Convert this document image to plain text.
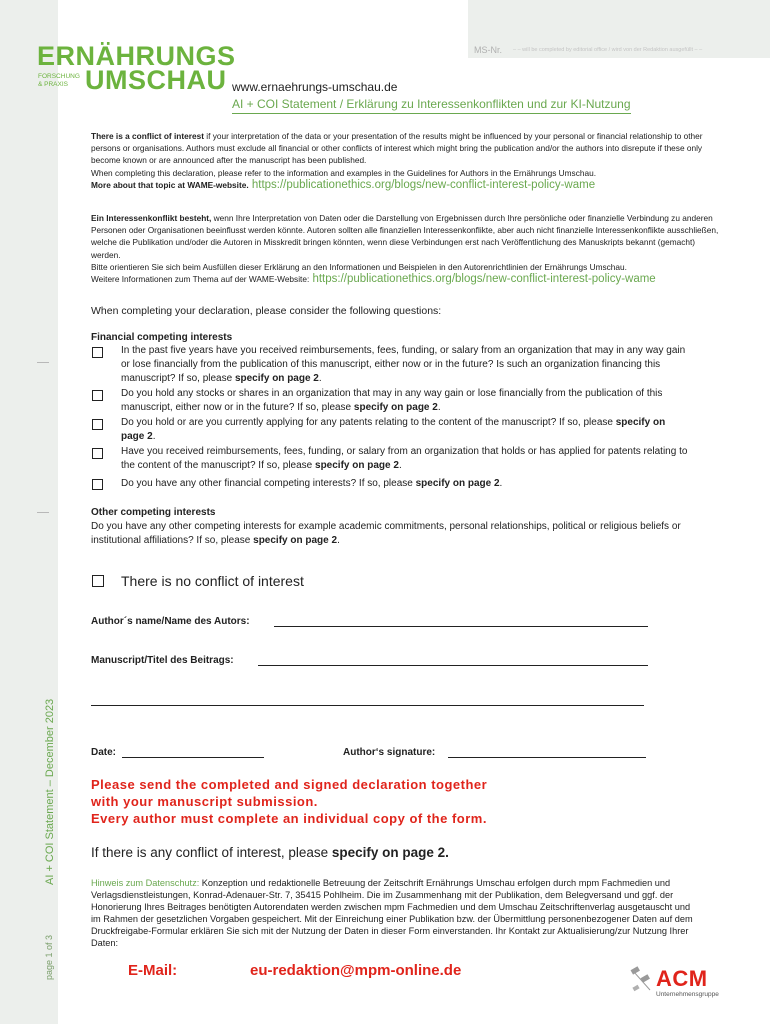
MS-Nr. – – will be completed by editorial office / wird von der Redaktion ausgefüllt – –
AI + COI Statement – December 2023
page 1 of 3
ERNÄHRUNGS
FORSCHUNG
& PRAXIS UMSCHAU www.ernaehrungs-umschau.de
AI + COI Statement / Erklärung zu Interessenkonflikten und zur KI-Nutzung
There is a conflict of interest if your interpretation of the data or your presentation of the results might be influenced by your personal or financial relationship to other persons or organisations. Authors must exclude all financial or other conflicts of interest which might bring the publication and/or the authors into disrepute if these only become known or are announced after the manuscript has been published.
When completing this declaration, please refer to the information and examples in the Guidelines for Authors in the Ernährungs Umschau.
More about that topic at WAME-website. https://publicationethics.org/blogs/new-conflict-interest-policy-wame
Ein Interessenkonflikt besteht, wenn Ihre Interpretation von Daten oder die Darstellung von Ergebnissen durch Ihre persönliche oder finanzielle Verbindung zu anderen Personen oder Organisationen beeinflusst werden könnte. Autoren sollten alle finanziellen Interessenkonflikte, aber auch nicht finanzielle Interessenkonflikte ausschließen, welche die Publikation und/oder die Autoren in Misskredit bringen könnten, wenn diese Verbindungen erst nach Veröffentlichung des Manuskripts bekannt (gemacht) werden.
Bitte orientieren Sie sich beim Ausfüllen dieser Erklärung an den Informationen und Beispielen in den Autorenrichtlinien der Ernährungs Umschau.
Weitere Informationen zum Thema auf der WAME-Website: https://publicationethics.org/blogs/new-conflict-interest-policy-wame
When completing your declaration, please consider the following questions:
Financial competing interests
In the past five years have you received reimbursements, fees, funding, or salary from an organization that may in any way gain or lose financially from the publication of this manuscript, either now or in the future? Is such an organization financing this manuscript? If so, please specify on page 2.
Do you hold any stocks or shares in an organization that may in any way gain or lose financially from the publication of this manuscript, either now or in the future? If so, please specify on page 2.
Do you hold or are you currently applying for any patents relating to the content of the manuscript? If so, please specify on page 2.
Have you received reimbursements, fees, funding, or salary from an organization that holds or has applied for patents relating to the content of the manuscript? If so, please specify on page 2.
Do you have any other financial competing interests? If so, please specify on page 2.
Other competing interests
Do you have any other competing interests for example academic commitments, personal relationships, political or religious beliefs or institutional affiliations? If so, please specify on page 2.
There is no conflict of interest
Author´s name/Name des Autors:
Manuscript/Titel des Beitrags:
Date:	Author‘s signature:
Please send the completed and signed declaration together
with your manuscript submission.
Every author must complete an individual copy of the form.
If there is any conflict of interest, please specify on page 2.
Hinweis zum Datenschutz: Konzeption und redaktionelle Betreuung der Zeitschrift Ernährungs Umschau erfolgen durch mpm Fachmedien und Verlagsdienstleistungen, Konrad-Adenauer-Str. 7, 35415 Pohlheim. Die im Zusammenhang mit der Publikation, dem Belegversand und ggf. der Honorierung Ihres Beitrages benötigten Autorendaten werden zwischen mpm Fachmedien und dem Umschau Zeitschriftenverlag ausgetauscht und im Rahmen der gesetzlichen Vorgaben gespeichert. Mit der Einreichung einer Publikation bzw. der Übermittlung personenbezogener Daten auf dem Druckfreigabe-Formular erklären Sie sich mit der Nutzung der Daten in dieser Form einverstanden. Ihr Kontakt zur Aktualisierung/zur Nutzung Ihrer Daten:
E-Mail:	eu-redaktion@mpm-online.de	ACM
Unternehmensgruppe
